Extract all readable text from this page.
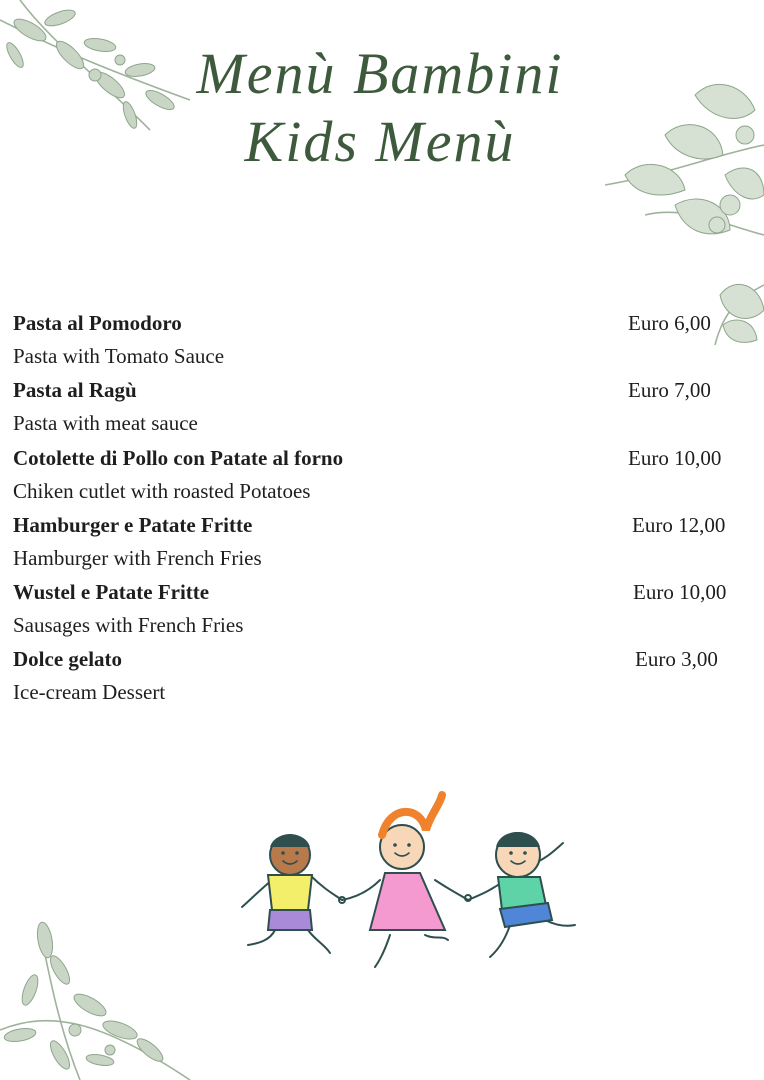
Menù Bambini
Kids Menù
Pasta al Pomodoro	Euro 6,00
Pasta with Tomato Sauce
Pasta al Ragù	Euro 7,00
Pasta with meat sauce
Cotolette di Pollo con Patate al forno	Euro 10,00
Chiken cutlet with roasted Potatoes
Hamburger e Patate Fritte	Euro 12,00
Hamburger with French Fries
Wustel e Patate Fritte	Euro 10,00
Sausages with French Fries
Dolce gelato	Euro 3,00
Ice-cream Dessert
